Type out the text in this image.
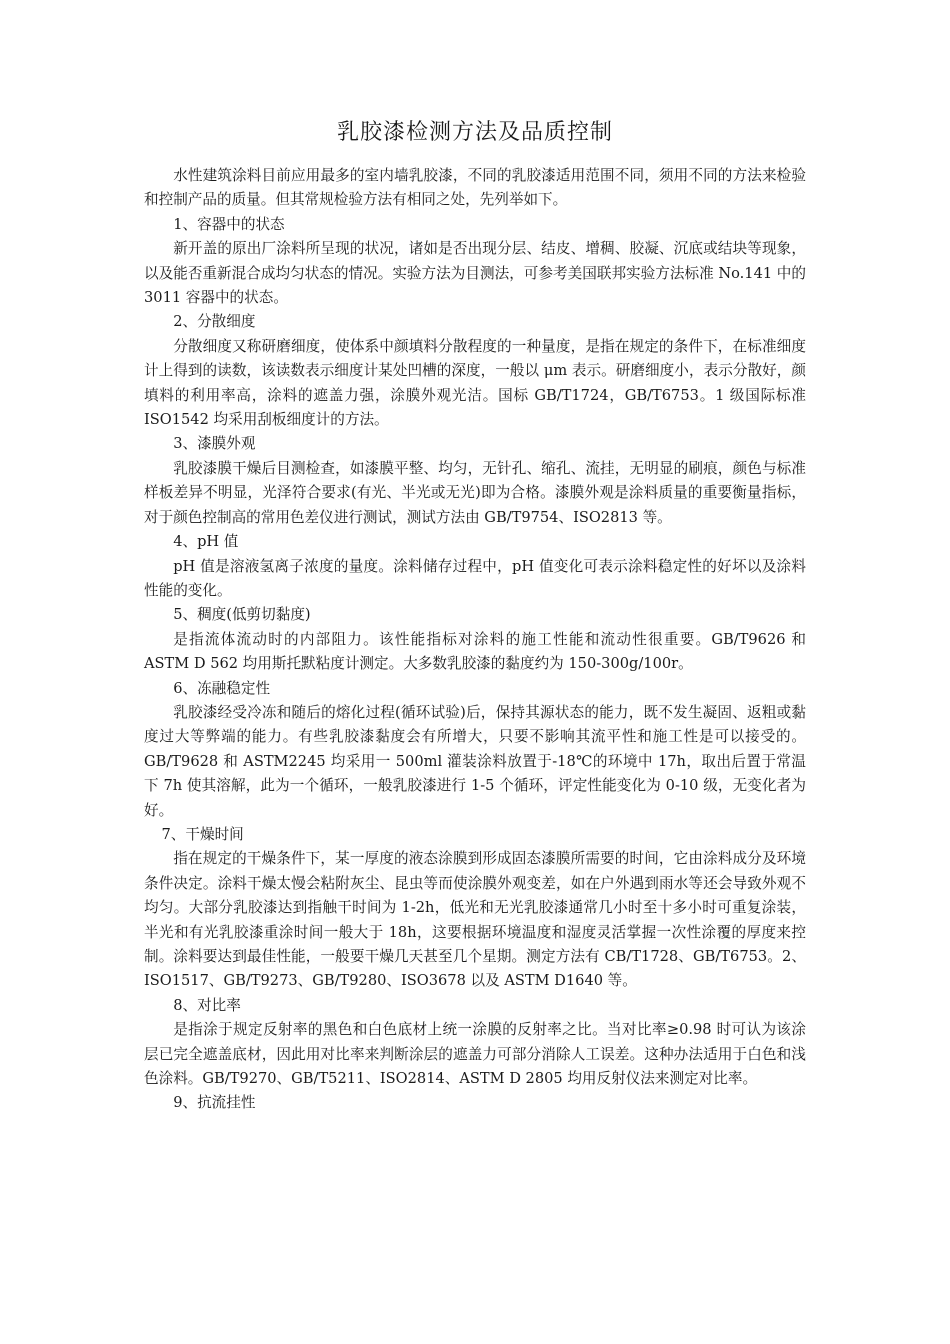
乳胶漆检测方法及品质控制

水性建筑涂料目前应用最多的室内墙乳胶漆，不同的乳胶漆适用范围不同，须用不同的方法来检验和控制产品的质量。但其常规检验方法有相同之处，先列举如下。

1、容器中的状态

新开盖的原出厂涂料所呈现的状况，诸如是否出现分层、结皮、增稠、胶凝、沉底或结块等现象，以及能否重新混合成均匀状态的情况。实验方法为目测法，可参考美国联邦实验方法标准 No.141 中的 3011 容器中的状态。

2、分散细度

分散细度又称研磨细度，使体系中颜填料分散程度的一种量度，是指在规定的条件下，在标准细度计上得到的读数，该读数表示细度计某处凹槽的深度，一般以 μm 表示。研磨细度小，表示分散好，颜填料的利用率高，涂料的遮盖力强，涂膜外观光洁。国标 GB/T1724，GB/T6753。1 级国际标准 ISO1542 均采用刮板细度计的方法。

3、漆膜外观

乳胶漆膜干燥后目测检查，如漆膜平整、均匀，无针孔、缩孔、流挂，无明显的刷痕，颜色与标准样板差异不明显，光泽符合要求(有光、半光或无光)即为合格。漆膜外观是涂料质量的重要衡量指标，对于颜色控制高的常用色差仪进行测试，测试方法由 GB/T9754、ISO2813 等。

4、pH 值

pH 值是溶液氢离子浓度的量度。涂料储存过程中，pH 值变化可表示涂料稳定性的好坏以及涂料性能的变化。

5、稠度(低剪切黏度)

是指流体流动时的内部阻力。该性能指标对涂料的施工性能和流动性很重要。GB/T9626 和 ASTM D 562 均用斯托默粘度计测定。大多数乳胶漆的黏度约为 150-300g/100r。

6、冻融稳定性

乳胶漆经受冷冻和随后的熔化过程(循环试验)后，保持其源状态的能力，既不发生凝固、返粗或黏度过大等弊端的能力。有些乳胶漆黏度会有所增大，只要不影响其流平性和施工性是可以接受的。GB/T9628 和 ASTM2245 均采用一 500ml 灌装涂料放置于-18℃的环境中 17h，取出后置于常温下 7h 使其溶解，此为一个循环，一般乳胶漆进行 1-5 个循环，评定性能变化为 0-10 级，无变化者为好。

7、干燥时间

指在规定的干燥条件下，某一厚度的液态涂膜到形成固态漆膜所需要的时间，它由涂料成分及环境条件决定。涂料干燥太慢会粘附灰尘、昆虫等而使涂膜外观变差，如在户外遇到雨水等还会导致外观不均匀。大部分乳胶漆达到指触干时间为 1-2h，低光和无光乳胶漆通常几小时至十多小时可重复涂装，半光和有光乳胶漆重涂时间一般大于 18h，这要根据环境温度和湿度灵活掌握一次性涂覆的厚度来控制。涂料要达到最佳性能，一般要干燥几天甚至几个星期。测定方法有 CB/T1728、GB/T6753。2、ISO1517、GB/T9273、GB/T9280、ISO3678 以及 ASTM D1640 等。

8、对比率

是指涂于规定反射率的黑色和白色底材上统一涂膜的反射率之比。当对比率≥0.98 时可认为该涂层已完全遮盖底材，因此用对比率来判断涂层的遮盖力可部分消除人工误差。这种办法适用于白色和浅色涂料。GB/T9270、GB/T5211、ISO2814、ASTM D 2805 均用反射仪法来测定对比率。

9、抗流挂性
